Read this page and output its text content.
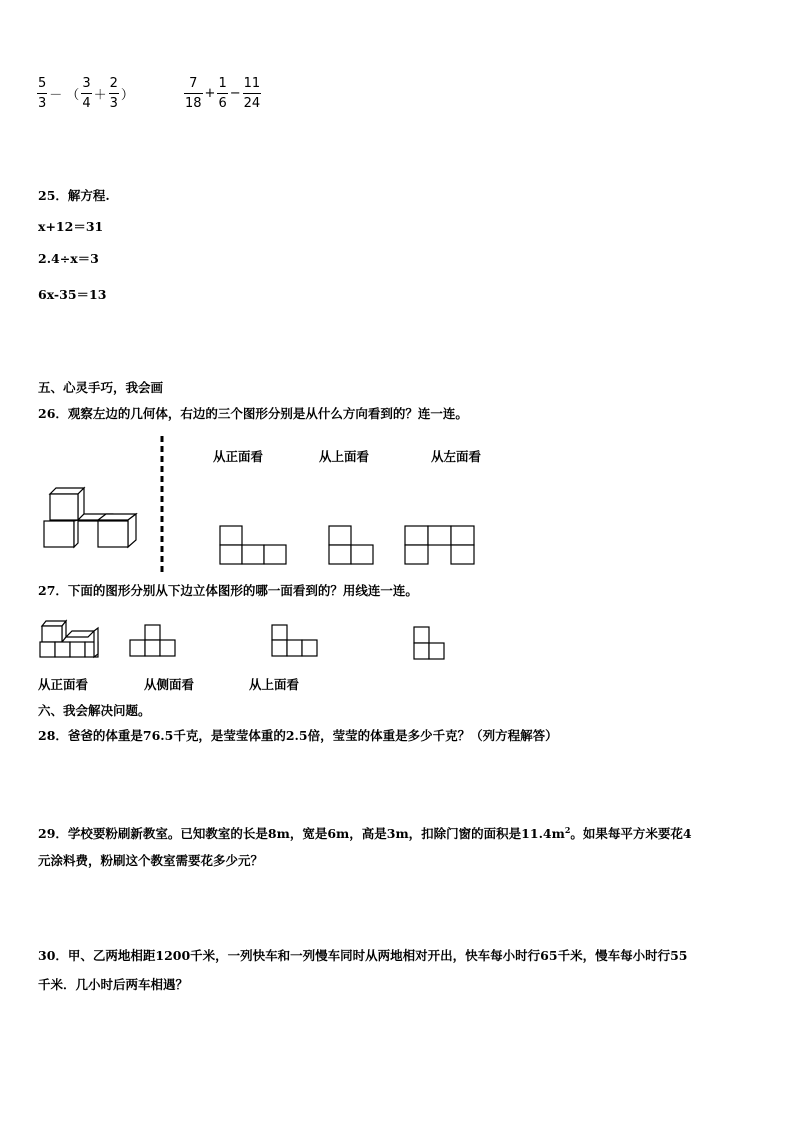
$\frac{5}{3}$ － （ $\frac{3}{4} + \frac{2}{3}$ ）	$\frac{7}{18} + \frac{1}{6} - \frac{11}{24}$
25．解方程.
x+12＝31
2.4÷x＝3
6x-35＝13
五、心灵手巧，我会画
26．观察左边的几何体，右边的三个图形分别是从什么方向看到的？连一连。
从正面看	从上面看	从左面看
27．下面的图形分别从下边立体图形的哪一面看到的？用线连一连。
从正面看	从侧面看	从上面看
六、我会解决问题。
28．爸爸的体重是76.5千克，是莹莹体重的2.5倍，莹莹的体重是多少千克？（列方程解答）
29．学校要粉刷新教室。已知教室的长是8m，宽是6m，高是3m，扣除门窗的面积是$11.4m^2$。如果每平方米要花4
元涂料费，粉刷这个教室需要花多少元？
30．甲、乙两地相距1200千米，一列快车和一列慢车同时从两地相对开出，快车每小时行65千米，慢车每小时行55
千米．几小时后两车相遇？
